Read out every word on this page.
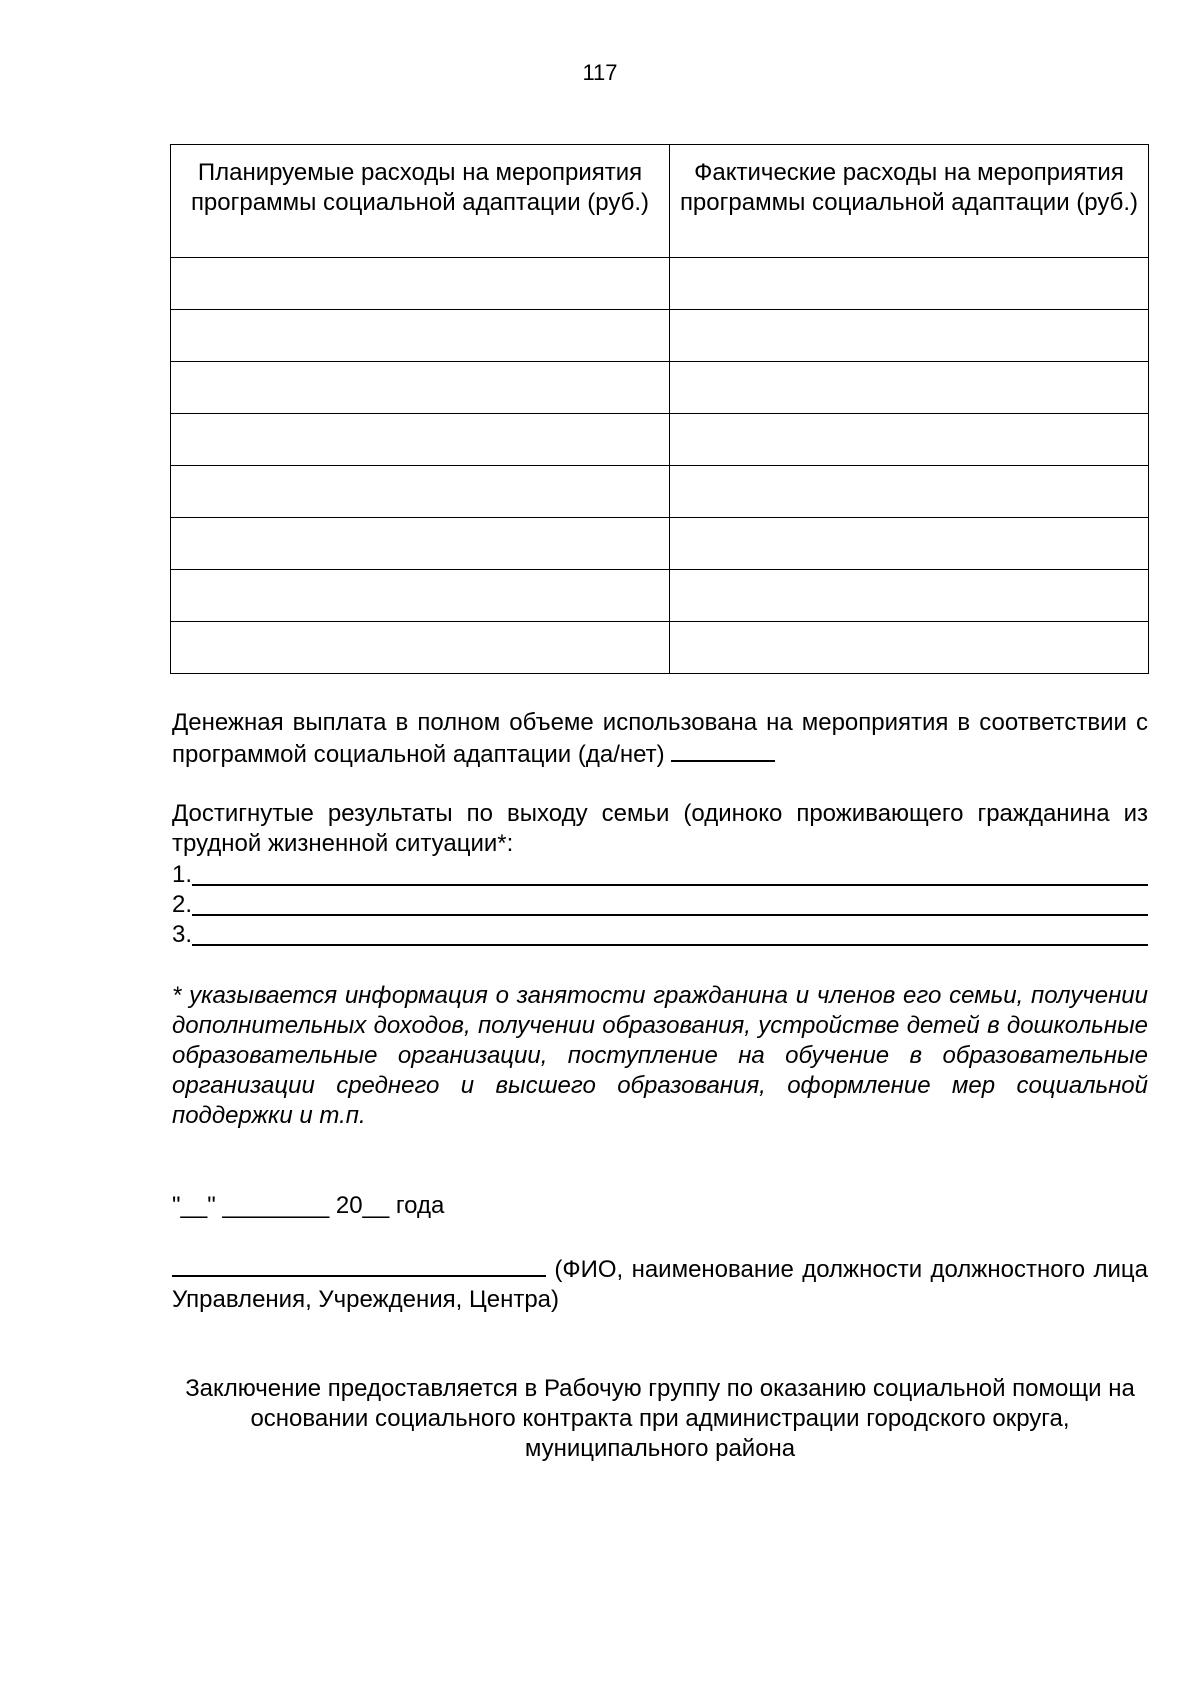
117
Планируемые расходы на мероприятия программы социальной адаптации (руб.)	Фактические расходы на мероприятия программы социальной адаптации (руб.)

Денежная выплата в полном объеме использована на мероприятия в соответствии с программой социальной адаптации (да/нет)
Достигнутые результаты по выходу семьи (одиноко проживающего гражданина из трудной жизненной ситуации*:
1.
2.
3.
* указывается информация о занятости гражданина и членов его семьи, получении дополнительных доходов, получении образования, устройстве детей в дошкольные образовательные организации, поступление на обучение в образовательные организации среднего и высшего образования, оформление мер социальной поддержки и т.п.
"__" ________ 20__ года
(ФИО, наименование должности должностного лица Управления, Учреждения, Центра)
Заключение предоставляется в Рабочую группу по оказанию социальной помощи на основании социального контракта при администрации городского округа, муниципального района
